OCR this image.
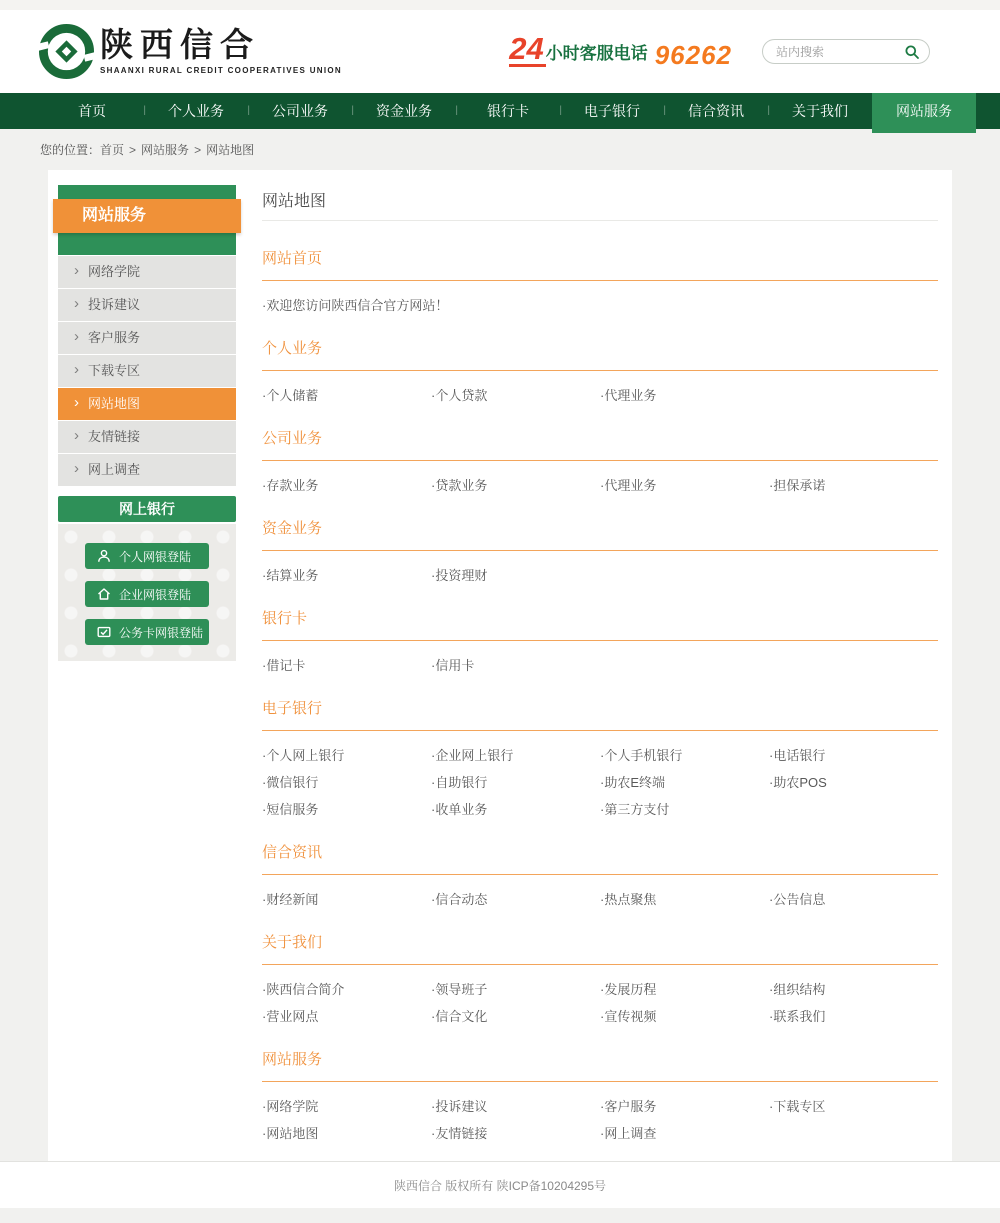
陕西信合
SHAANXI RURAL CREDIT COOPERATIVES UNION
24 小时客服电话 96262
站内搜索
首页 |	个人业务 |	公司业务 |	资金业务 |	银行卡 |	电子银行 |	信合资讯 |	关于我们 |	网站服务
您的位置：首页 > 网站服务 > 网站地图
网站服务
› 网络学院
› 投诉建议
› 客户服务
› 下载专区
› 网站地图
› 友情链接
› 网上调查
网上银行
个人网银登陆
企业网银登陆
公务卡网银登陆
网站地图
网站首页
·欢迎您访问陕西信合官方网站！
个人业务
·个人储蓄	·个人贷款	·代理业务
公司业务
·存款业务	·贷款业务	·代理业务	·担保承诺
资金业务
·结算业务	·投资理财
银行卡
·借记卡	·信用卡
电子银行
·个人网上银行	·企业网上银行	·个人手机银行	·电话银行
·微信银行	·自助银行	·助农E终端	·助农POS
·短信服务	·收单业务	·第三方支付
信合资讯
·财经新闻	·信合动态	·热点聚焦	·公告信息
关于我们
·陕西信合简介	·领导班子	·发展历程	·组织结构
·营业网点	·信合文化	·宣传视频	·联系我们
网站服务
·网络学院	·投诉建议	·客户服务	·下载专区
·网站地图	·友情链接	·网上调查
陕西信合 版权所有 陕ICP备10204295号
